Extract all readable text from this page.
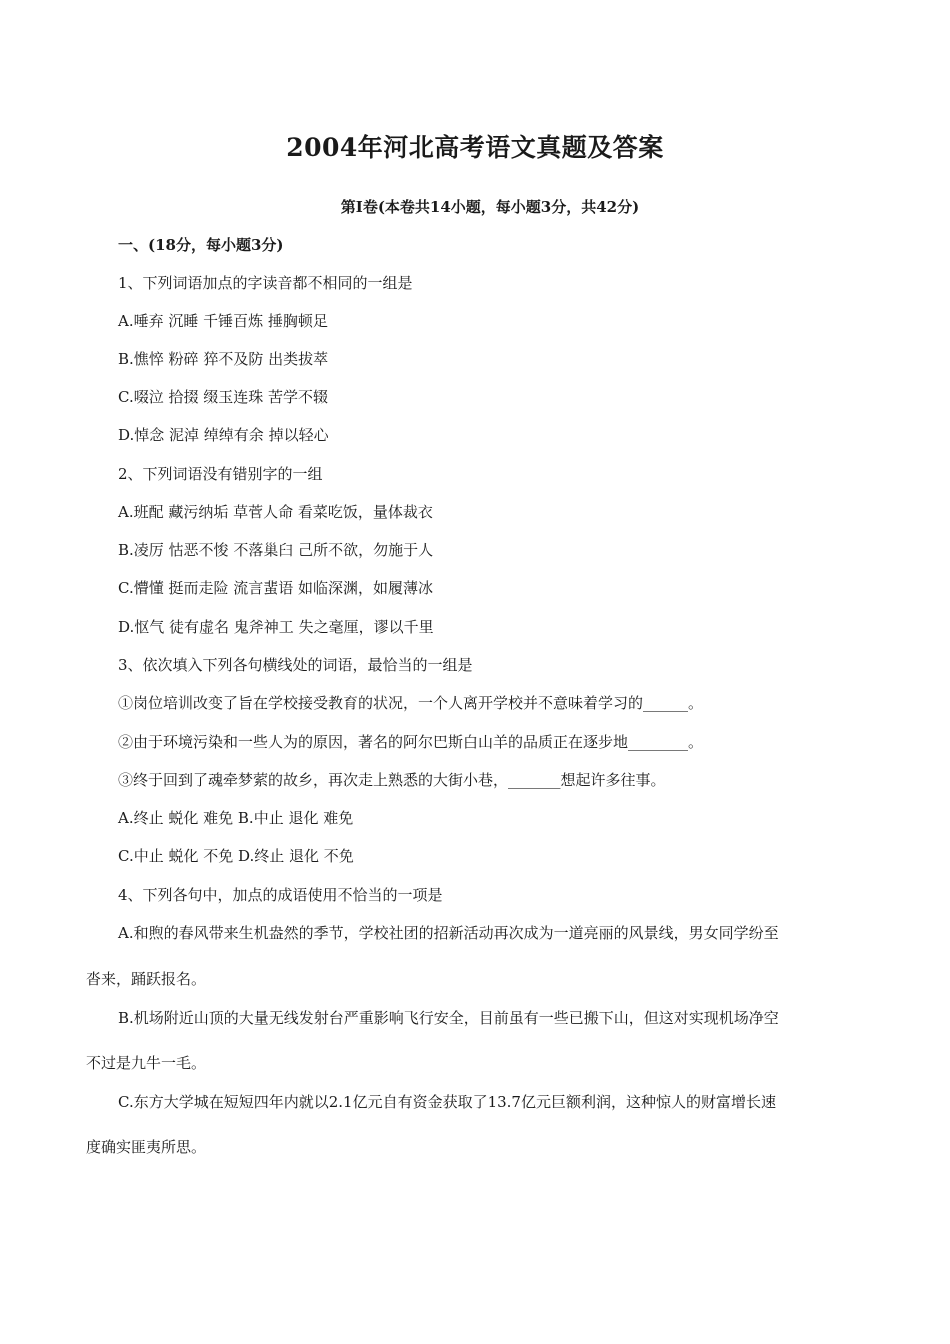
2004年河北高考语文真题及答案
第Ⅰ卷(本卷共14小题，每小题3分，共42分)
一、(18分，每小题3分)
1、下列词语加点的字读音都不相同的一组是
A.唾弃 沉睡 千锤百炼 捶胸顿足
B.憔悴 粉碎 猝不及防 出类拔萃
C.啜泣 拾掇 缀玉连珠 苦学不辍
D.悼念 泥淖 绰绰有余 掉以轻心
2、下列词语没有错别字的一组
A.班配 藏污纳垢 草菅人命 看菜吃饭，量体裁衣
B.凌厉 怙恶不悛 不落巢臼 己所不欲，勿施于人
C.懵懂 挺而走险 流言蜚语 如临深渊，如履薄冰
D.怄气 徒有虚名 鬼斧神工 失之毫厘，谬以千里
3、依次填入下列各句横线处的词语，最恰当的一组是
①岗位培训改变了旨在学校接受教育的状况，一个人离开学校并不意味着学习的______。
②由于环境污染和一些人为的原因，著名的阿尔巴斯白山羊的品质正在逐步地________。
③终于回到了魂牵梦萦的故乡，再次走上熟悉的大街小巷，_______想起许多往事。
A.终止 蜕化 难免 B.中止 退化 难免
C.中止 蜕化 不免 D.终止 退化 不免
4、下列各句中，加点的成语使用不恰当的一项是
A.和煦的春风带来生机盎然的季节，学校社团的招新活动再次成为一道亮丽的风景线，男女同学纷至
沓来，踊跃报名。
B.机场附近山顶的大量无线发射台严重影响飞行安全，目前虽有一些已搬下山，但这对实现机场净空
不过是九牛一毛。
C.东方大学城在短短四年内就以2.1亿元自有资金获取了13.7亿元巨额利润，这种惊人的财富增长速
度确实匪夷所思。
